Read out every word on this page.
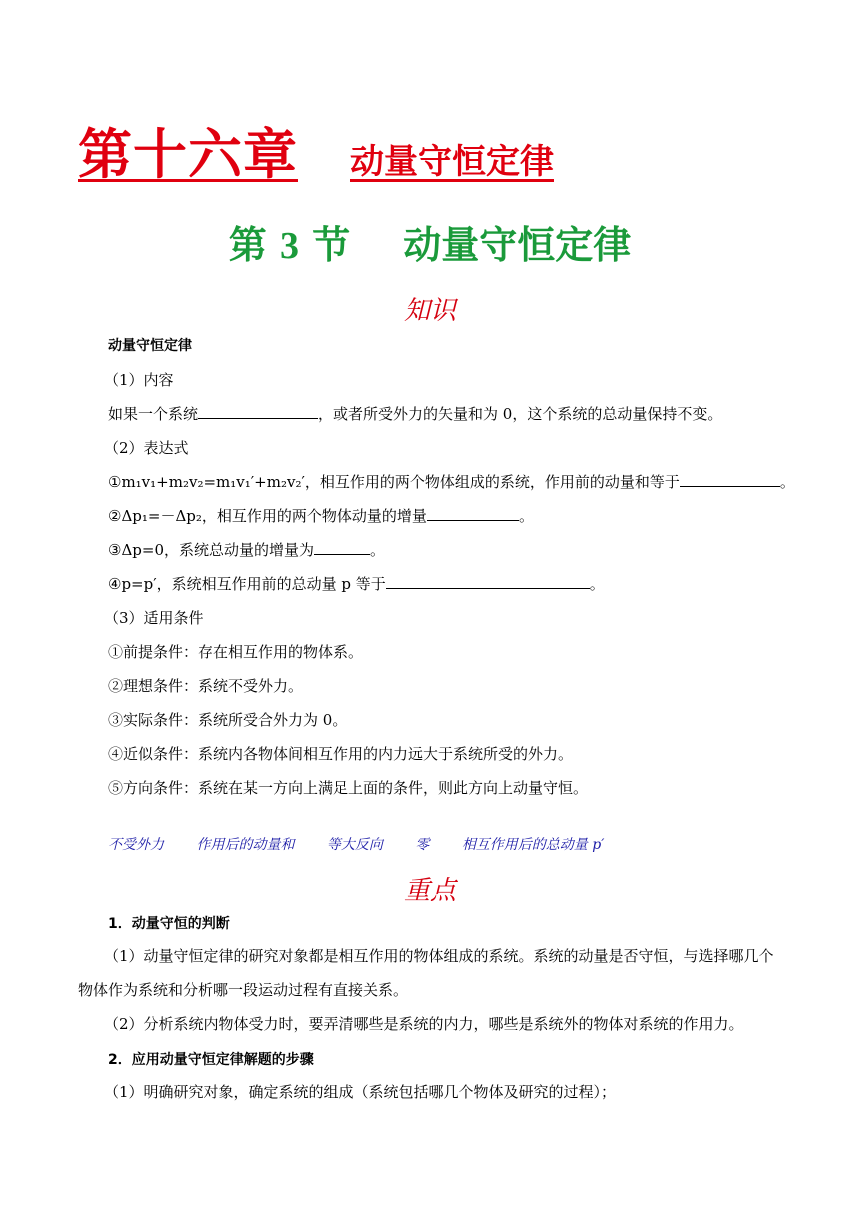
第十六章 动量守恒定律
第 3 节 动量守恒定律
知识
动量守恒定律
（1）内容
如果一个系统	，或者所受外力的矢量和为 0，这个系统的总动量保持不变。
（2）表达式
①m₁v₁+m₂v₂=m₁v₁′+m₂v₂′，相互作用的两个物体组成的系统，作用前的动量和等于	。
②Δp₁=－Δp₂，相互作用的两个物体动量的增量	。
③Δp=0，系统总动量的增量为	。
④p=p′，系统相互作用前的总动量 p 等于	。
（3）适用条件
①前提条件：存在相互作用的物体系。
②理想条件：系统不受外力。
③实际条件：系统所受合外力为 0。
④近似条件：系统内各物体间相互作用的内力远大于系统所受的外力。
⑤方向条件：系统在某一方向上满足上面的条件，则此方向上动量守恒。
不受外力 作用后的动量和 等大反向 零 相互作用后的总动量 p′
重点
1．动量守恒的判断
（1）动量守恒定律的研究对象都是相互作用的物体组成的系统。系统的动量是否守恒，与选择哪几个
物体作为系统和分析哪一段运动过程有直接关系。
（2）分析系统内物体受力时，要弄清哪些是系统的内力，哪些是系统外的物体对系统的作用力。
2．应用动量守恒定律解题的步骤
（1）明确研究对象，确定系统的组成（系统包括哪几个物体及研究的过程）；
